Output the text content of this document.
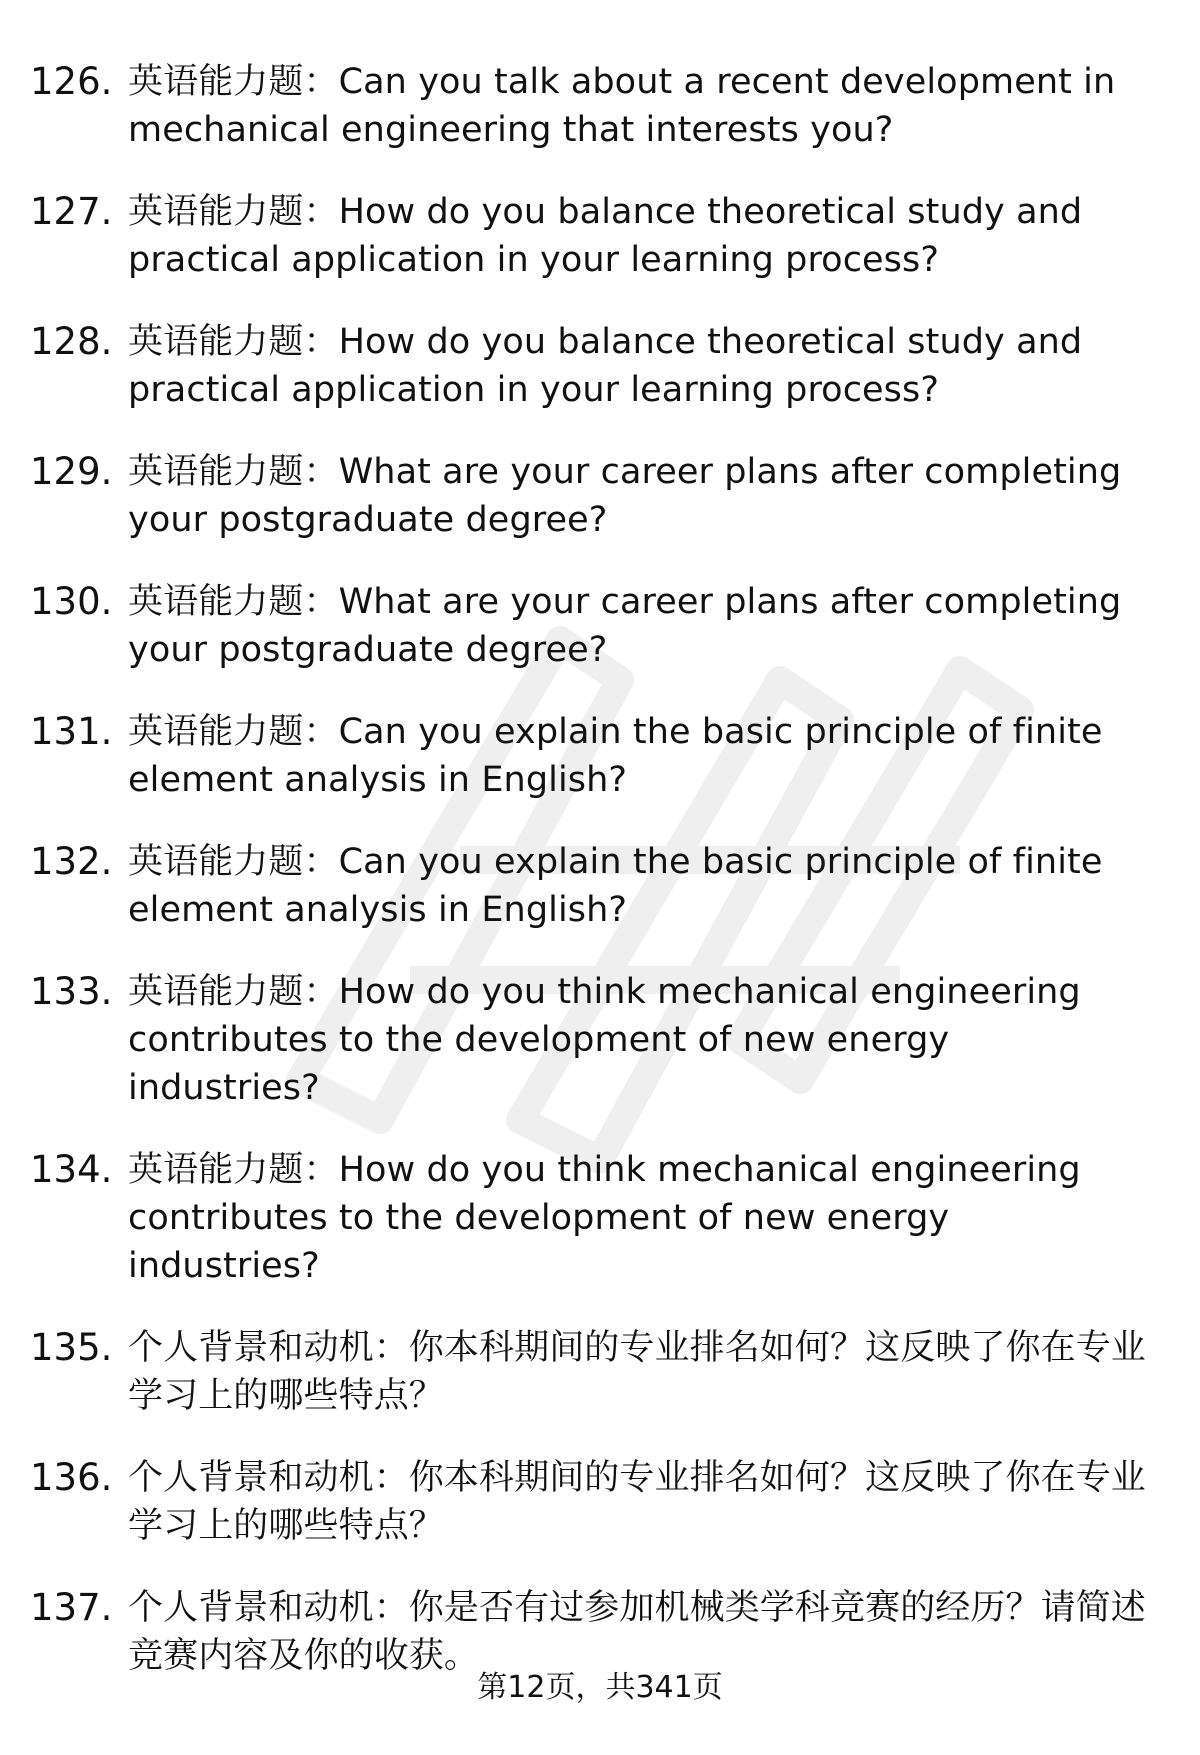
126. 英语能力题：Can you talk about a recent development in mechanical engineering that interests you?
127. 英语能力题：How do you balance theoretical study and practical application in your learning process?
128. 英语能力题：How do you balance theoretical study and practical application in your learning process?
129. 英语能力题：What are your career plans after completing your postgraduate degree?
130. 英语能力题：What are your career plans after completing your postgraduate degree?
131. 英语能力题：Can you explain the basic principle of finite element analysis in English?
132. 英语能力题：Can you explain the basic principle of finite element analysis in English?
133. 英语能力题：How do you think mechanical engineering contributes to the development of new energy industries?
134. 英语能力题：How do you think mechanical engineering contributes to the development of new energy industries?
135. 个人背景和动机：你本科期间的专业排名如何？这反映了你在专业学习上的哪些特点？
136. 个人背景和动机：你本科期间的专业排名如何？这反映了你在专业学习上的哪些特点？
137. 个人背景和动机：你是否有过参加机械类学科竞赛的经历？请简述竞赛内容及你的收获。
第12页，共341页
